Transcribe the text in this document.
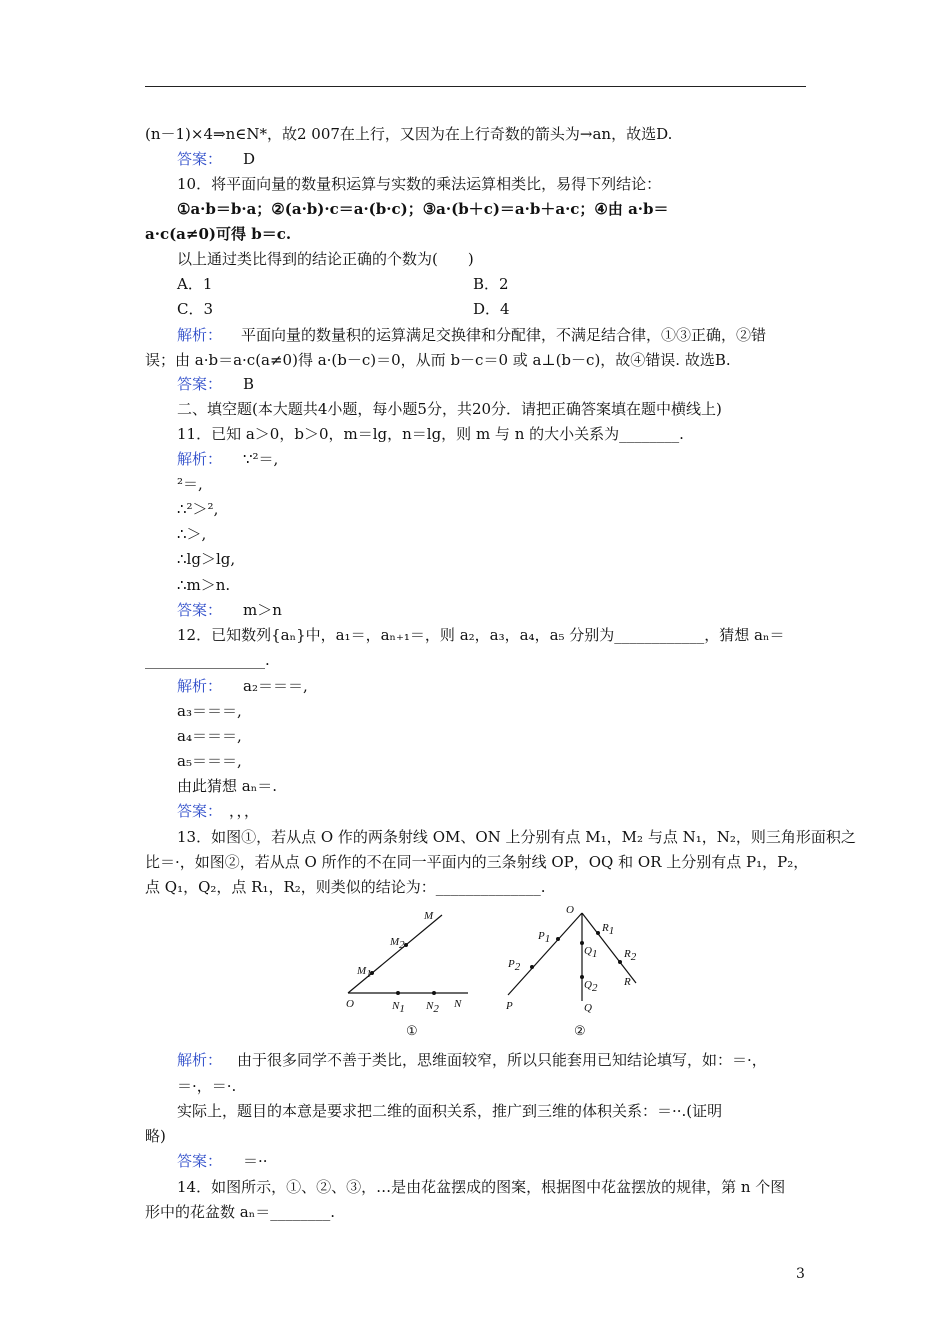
(n－1)×4⇒n∈N*，故2 007在上行，又因为在上行奇数的箭头为→an，故选D.
答案： D
10．将平面向量的数量积运算与实数的乘法运算相类比，易得下列结论：
①a·b＝b·a；②(a·b)·c＝a·(b·c)；③a·(b＋c)＝a·b＋a·c；④由 a·b＝
a·c(a≠0)可得 b＝c.
以上通过类比得到的结论正确的个数为(　　)
A．1	B．2
C．3	D．4
解析： 平面向量的数量积的运算满足交换律和分配律，不满足结合律，①③正确，②错
误；由 a·b＝a·c(a≠0)得 a·(b－c)＝0，从而 b－c＝0 或 a⊥(b－c)，故④错误. 故选B.
答案： B
二、填空题(本大题共4小题，每小题5分，共20分．请把正确答案填在题中横线上)
11．已知 a＞0，b＞0，m＝lg，n＝lg，则 m 与 n 的大小关系为________.
解析： ∵²＝,
²＝,
∴²＞²,
∴＞,
∴lg＞lg,
∴m＞n.
答案： m＞n
12．已知数列{aₙ}中，a₁＝，aₙ₊₁＝，则 a₂，a₃，a₄，a₅ 分别为____________，猜想 aₙ＝
________________.
解析： a₂＝＝＝,
a₃＝＝＝,
a₄＝＝＝,
a₅＝＝＝,
由此猜想 aₙ＝.
答案： ，，，
13．如图①，若从点 O 作的两条射线 OM、ON 上分别有点 M₁，M₂ 与点 N₁，N₂，则三角形面积之
比＝·，如图②，若从点 O 所作的不在同一平面内的三条射线 OP，OQ 和 OR 上分别有点 P₁，P₂，
点 Q₁，Q₂，点 R₁，R₂，则类似的结论为：______________.
M
M2
M1
O	N1 N2 N
①
O
P1
P2
P
Q1
Q2
Q
R1
R2
R
②
解析： 由于很多同学不善于类比，思维面较窄，所以只能套用已知结论填写，如：＝·，
＝·，＝·.
实际上，题目的本意是要求把二维的面积关系，推广到三维的体积关系：＝··.(证明
略)
答案： ＝··
14．如图所示，①、②、③，…是由花盆摆成的图案，根据图中花盆摆放的规律，第 n 个图
形中的花盆数 aₙ＝________.
3
